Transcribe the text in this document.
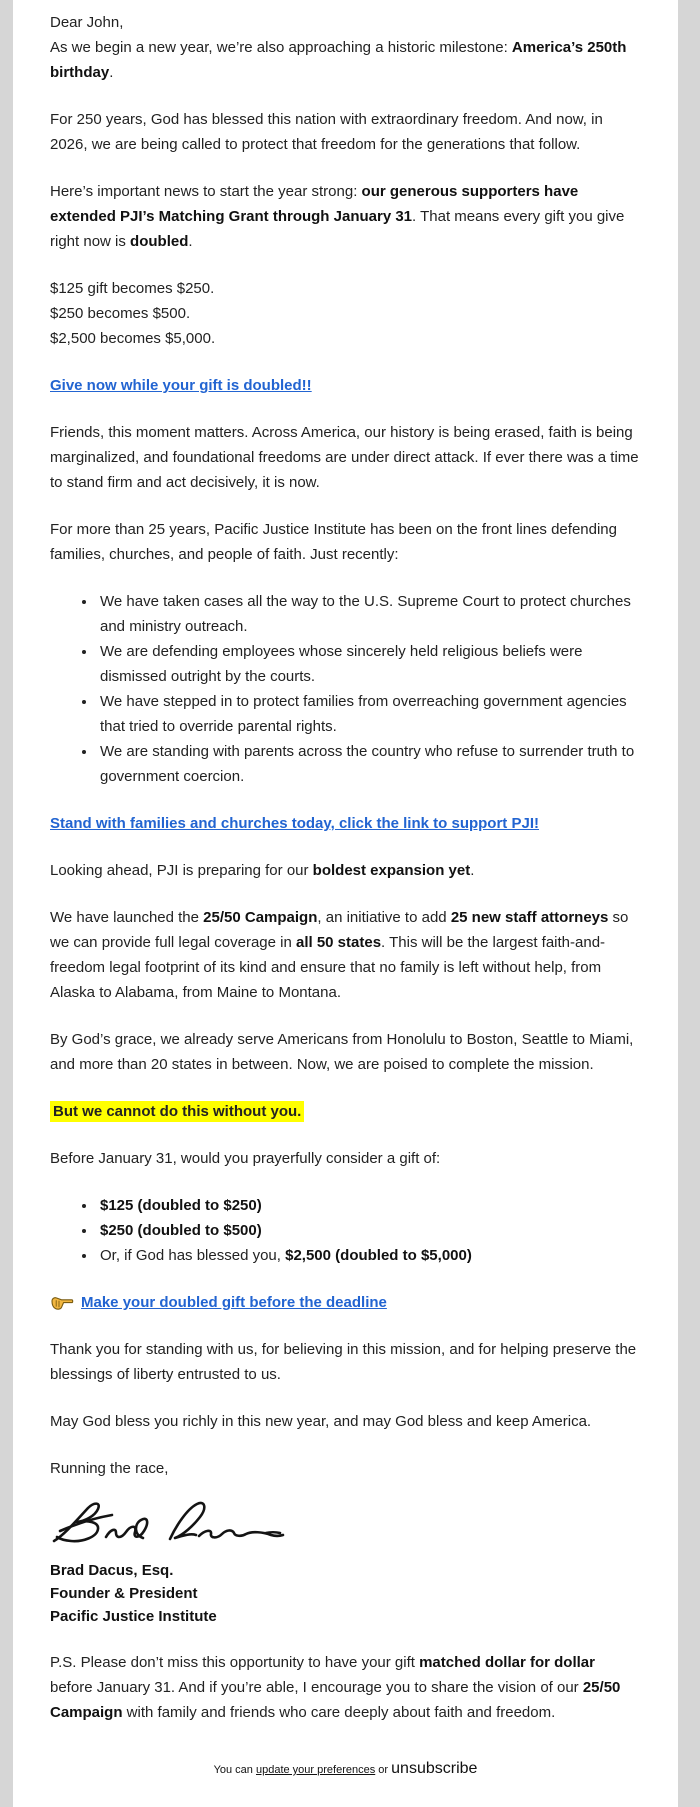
Dear John,
As we begin a new year, we’re also approaching a historic milestone: America’s 250th birthday.

For 250 years, God has blessed this nation with extraordinary freedom. And now, in 2026, we are being called to protect that freedom for the generations that follow.

Here’s important news to start the year strong: our generous supporters have extended PJI’s Matching Grant through January 31. That means every gift you give right now is doubled.

$125 gift becomes $250.
$250 becomes $500.
$2,500 becomes $5,000.

Give now while your gift is doubled!!

Friends, this moment matters. Across America, our history is being erased, faith is being marginalized, and foundational freedoms are under direct attack. If ever there was a time to stand firm and act decisively, it is now.

For more than 25 years, Pacific Justice Institute has been on the front lines defending families, churches, and people of faith. Just recently:

• We have taken cases all the way to the U.S. Supreme Court to protect churches and ministry outreach.
• We are defending employees whose sincerely held religious beliefs were dismissed outright by the courts.
• We have stepped in to protect families from overreaching government agencies that tried to override parental rights.
• We are standing with parents across the country who refuse to surrender truth to government coercion.

Stand with families and churches today, click the link to support PJI!

Looking ahead, PJI is preparing for our boldest expansion yet.

We have launched the 25/50 Campaign, an initiative to add 25 new staff attorneys so we can provide full legal coverage in all 50 states. This will be the largest faith-and-freedom legal footprint of its kind and ensure that no family is left without help, from Alaska to Alabama, from Maine to Montana.

By God’s grace, we already serve Americans from Honolulu to Boston, Seattle to Miami, and more than 20 states in between. Now, we are poised to complete the mission.

But we cannot do this without you.

Before January 31, would you prayerfully consider a gift of:

• $125 (doubled to $250)
• $250 (doubled to $500)
• Or, if God has blessed you, $2,500 (doubled to $5,000)

Make your doubled gift before the deadline

Thank you for standing with us, for believing in this mission, and for helping preserve the blessings of liberty entrusted to us.

May God bless you richly in this new year, and may God bless and keep America.

Running the race,

Brad Dacus, Esq.
Founder & President
Pacific Justice Institute

P.S. Please don’t miss this opportunity to have your gift matched dollar for dollar before January 31. And if you’re able, I encourage you to share the vision of our 25/50 Campaign with family and friends who care deeply about faith and freedom.

You can update your preferences or unsubscribe
